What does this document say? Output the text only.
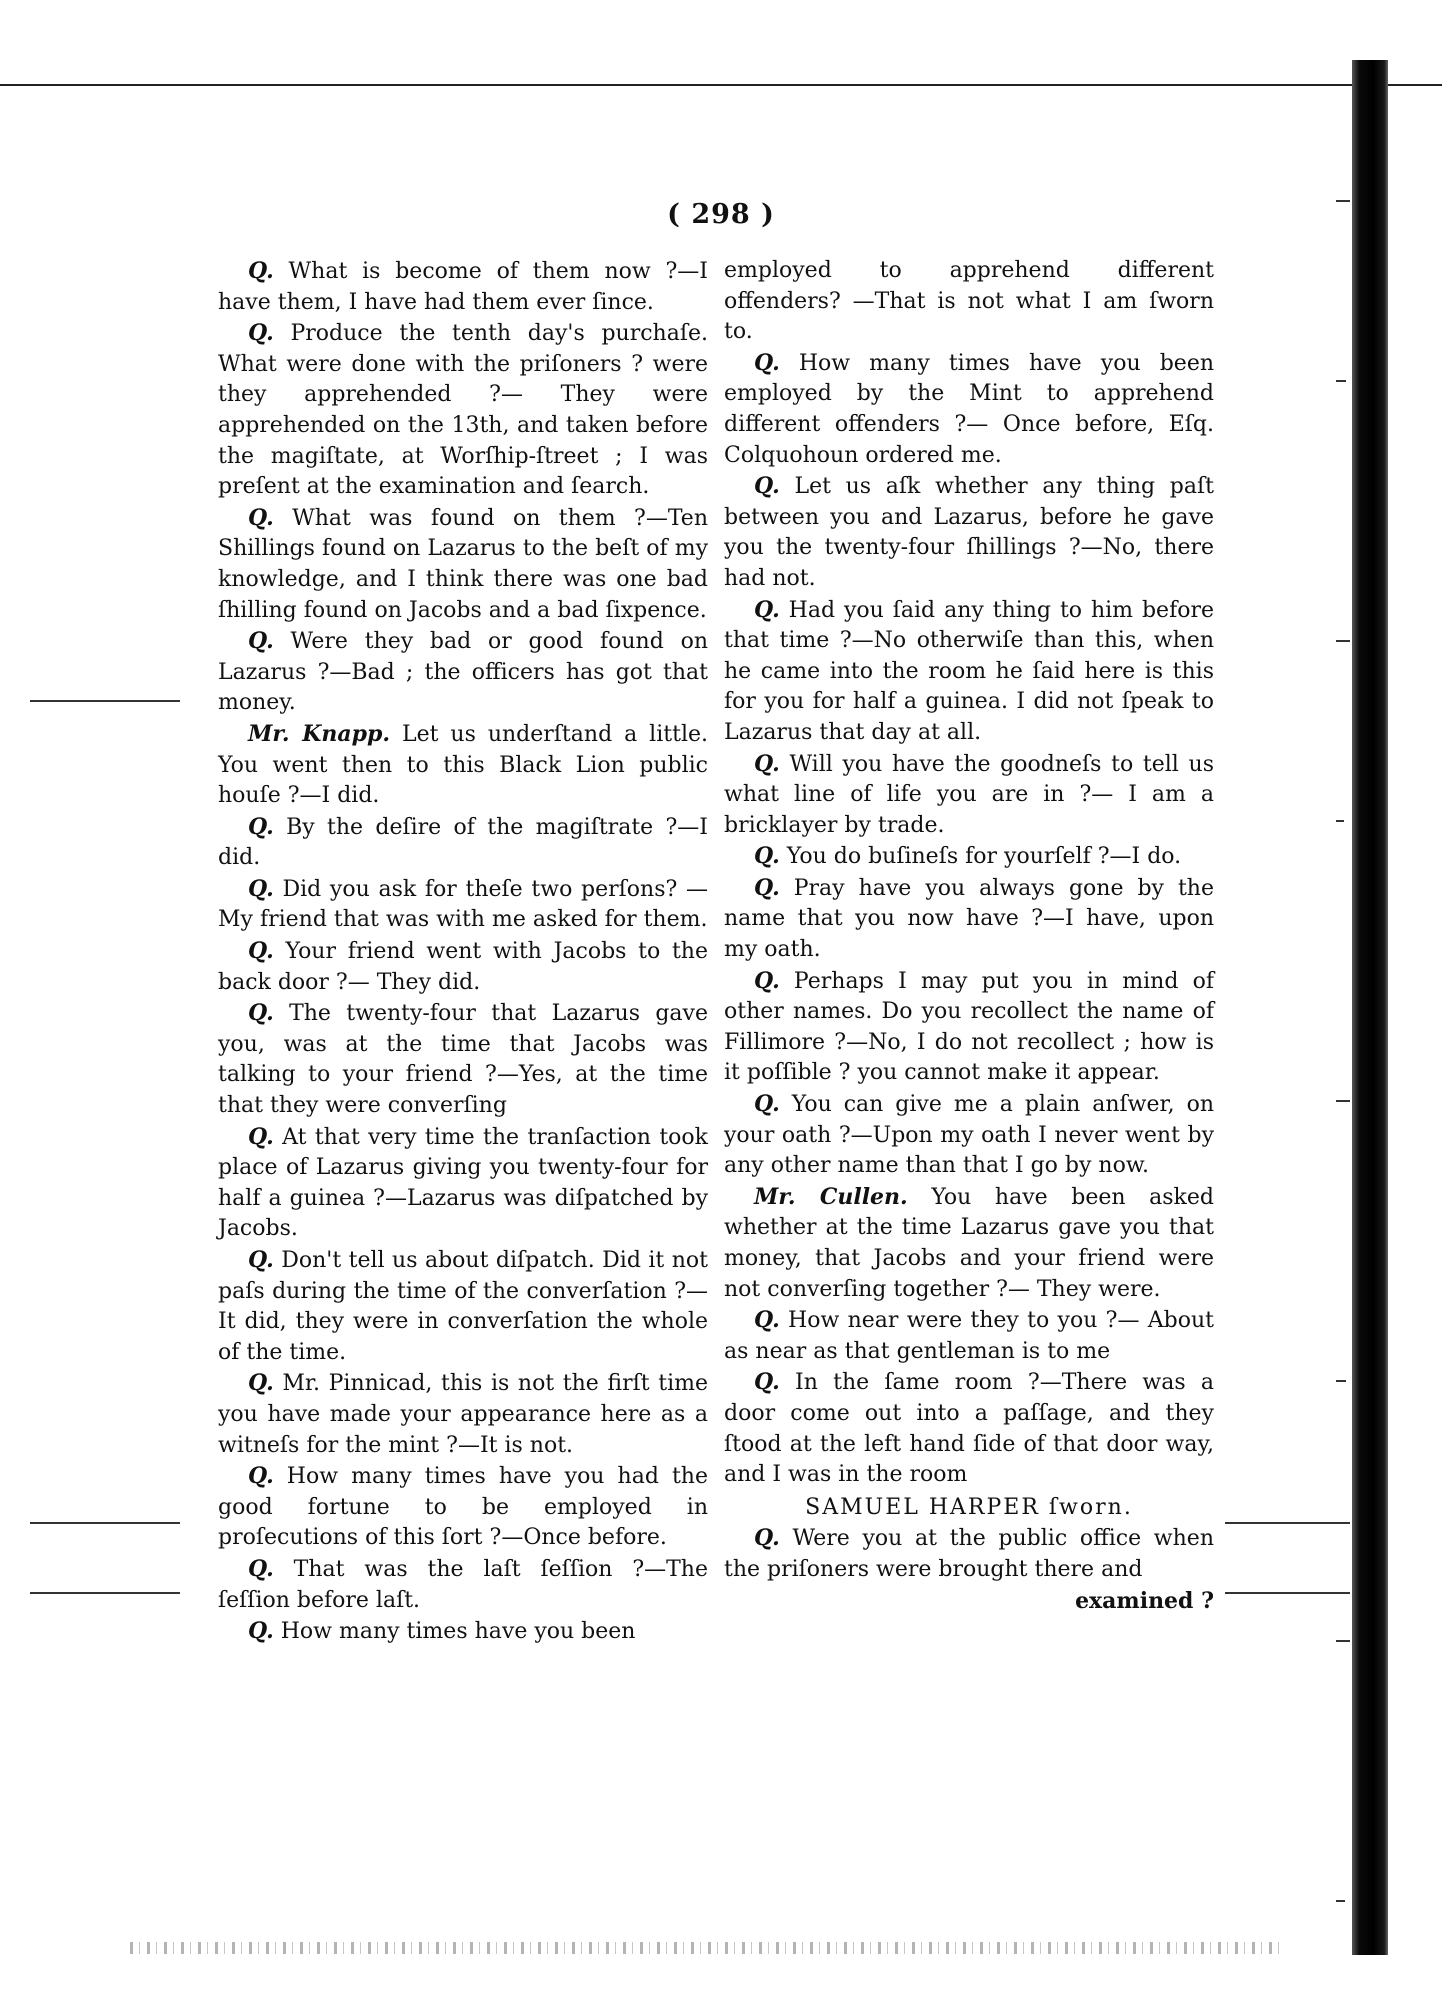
( 298 )

Q. What is become of them now ?—I have them, I have had them ever ſince.

Q. Produce the tenth day's purchaſe. What were done with the priſoners ? were they apprehended ?— They were apprehended on the 13th, and taken before the magiſtate, at Worſhip-ſtreet ; I was preſent at the examination and ſearch.

Q. What was found on them ?—Ten Shillings found on Lazarus to the beſt of my knowledge, and I think there was one bad ſhilling found on Jacobs and a bad ſixpence.

Q. Were they bad or good found on Lazarus ?—Bad ; the officers has got that money.

Mr. Knapp. Let us underſtand a little. You went then to this Black Lion public houſe ?—I did.

Q. By the deſire of the magiſtrate ?—I did.

Q. Did you ask for theſe two perſons? —My friend that was with me asked for them.

Q. Your friend went with Jacobs to the back door ?— They did.

Q. The twenty-four that Lazarus gave you, was at the time that Jacobs was talking to your friend ?—Yes, at the time that they were converſing

Q. At that very time the tranſaction took place of Lazarus giving you twenty-four for half a guinea ?—Lazarus was diſpatched by Jacobs.

Q. Don't tell us about diſpatch. Did it not paſs during the time of the converſation ?—It did, they were in converſation the whole of the time.

Q. Mr. Pinnicad, this is not the firſt time you have made your appearance here as a witneſs for the mint ?—It is not.

Q. How many times have you had the good fortune to be employed in proſecutions of this ſort ?—Once before.

Q. That was the laſt ſeſſion ?—The ſeſſion before laſt.

Q. How many times have you been

employed to apprehend different offenders? —That is not what I am ſworn to.

Q. How many times have you been employed by the Mint to apprehend different offenders ?— Once before, Eſq. Colquohoun ordered me.

Q. Let us aſk whether any thing paſt between you and Lazarus, before he gave you the twenty-four ſhillings ?—No, there had not.

Q. Had you ſaid any thing to him before that time ?—No otherwiſe than this, when he came into the room he ſaid here is this for you for half a guinea. I did not ſpeak to Lazarus that day at all.

Q. Will you have the goodneſs to tell us what line of life you are in ?— I am a bricklayer by trade.

Q. You do buſineſs for yourſelf ?—I do.

Q. Pray have you always gone by the name that you now have ?—I have, upon my oath.

Q. Perhaps I may put you in mind of other names. Do you recollect the name of Fillimore ?—No, I do not recollect ; how is it poſſible ? you cannot make it appear.

Q. You can give me a plain anſwer, on your oath ?—Upon my oath I never went by any other name than that I go by now.

Mr. Cullen. You have been asked whether at the time Lazarus gave you that money, that Jacobs and your friend were not converſing together ?— They were.

Q. How near were they to you ?— About as near as that gentleman is to me

Q. In the ſame room ?—There was a door come out into a paſſage, and they ſtood at the left hand ſide of that door way, and I was in the room

SAMUEL HARPER ſworn.

Q. Were you at the public office when the priſoners were brought there and

examined ?
